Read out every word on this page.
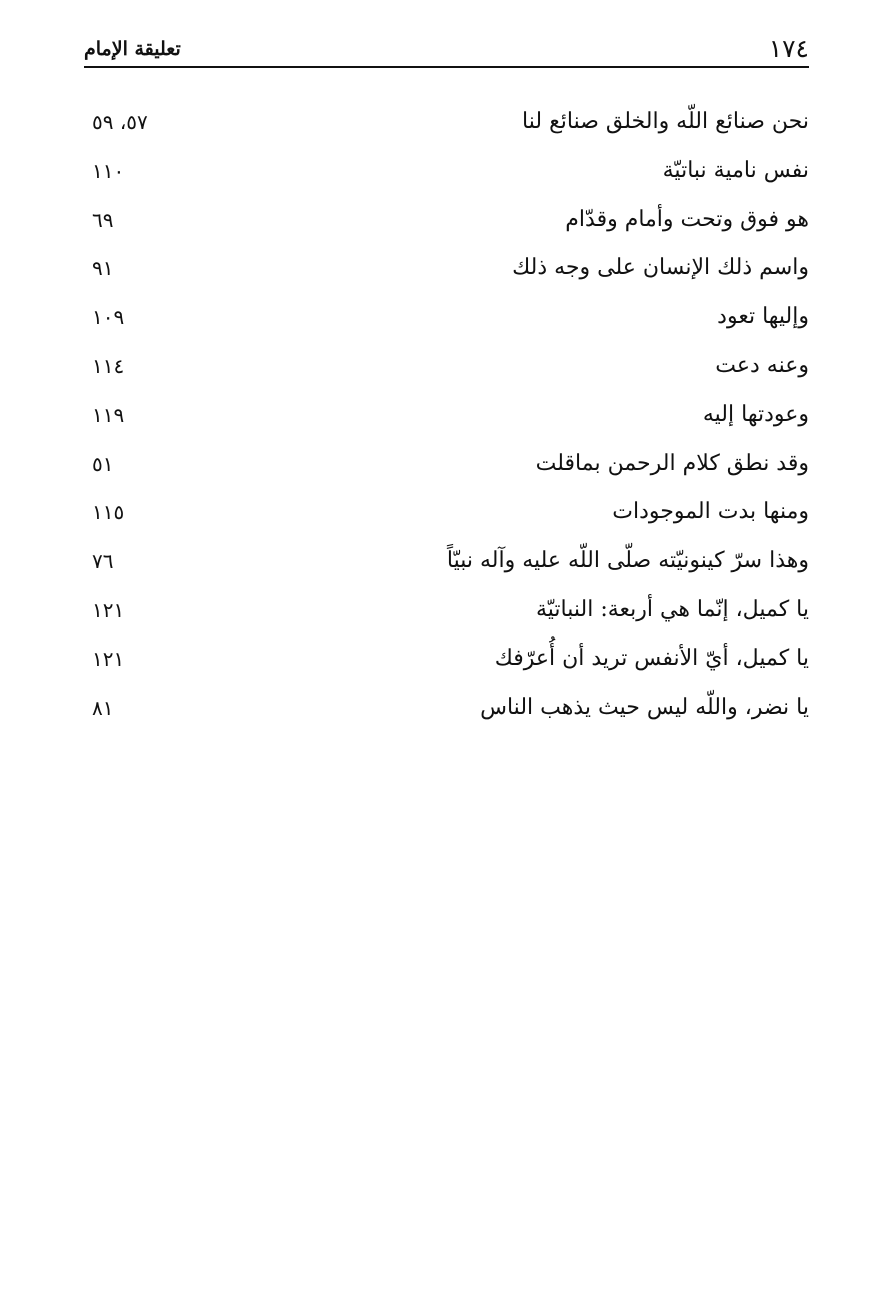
١٧٤
تعليقة الإمام
نحن صنائع اللّه والخلق صنائع لنا
٥٧، ٥٩
نفس نامية نباتيّة
١١٠
هو فوق وتحت وأمام وقدّام
٦٩
واسم ذلك الإنسان على وجه ذلك
٩١
وإليها تعود
١٠٩
وعنه دعت
١١٤
وعودتها إليه
١١٩
وقد نطق كلام الرحمن بماقلت
٥١
ومنها بدت الموجودات
١١٥
وهذا سرّ كينونيّته صلّى اللّه عليه وآله نبيّاً
٧٦
يا كميل، إنّما هي أربعة: النباتيّة
١٢١
يا كميل، أيّ الأنفس تريد أن أُعرّفك
١٢١
يا نضر، واللّه ليس حيث يذهب الناس
٨١
